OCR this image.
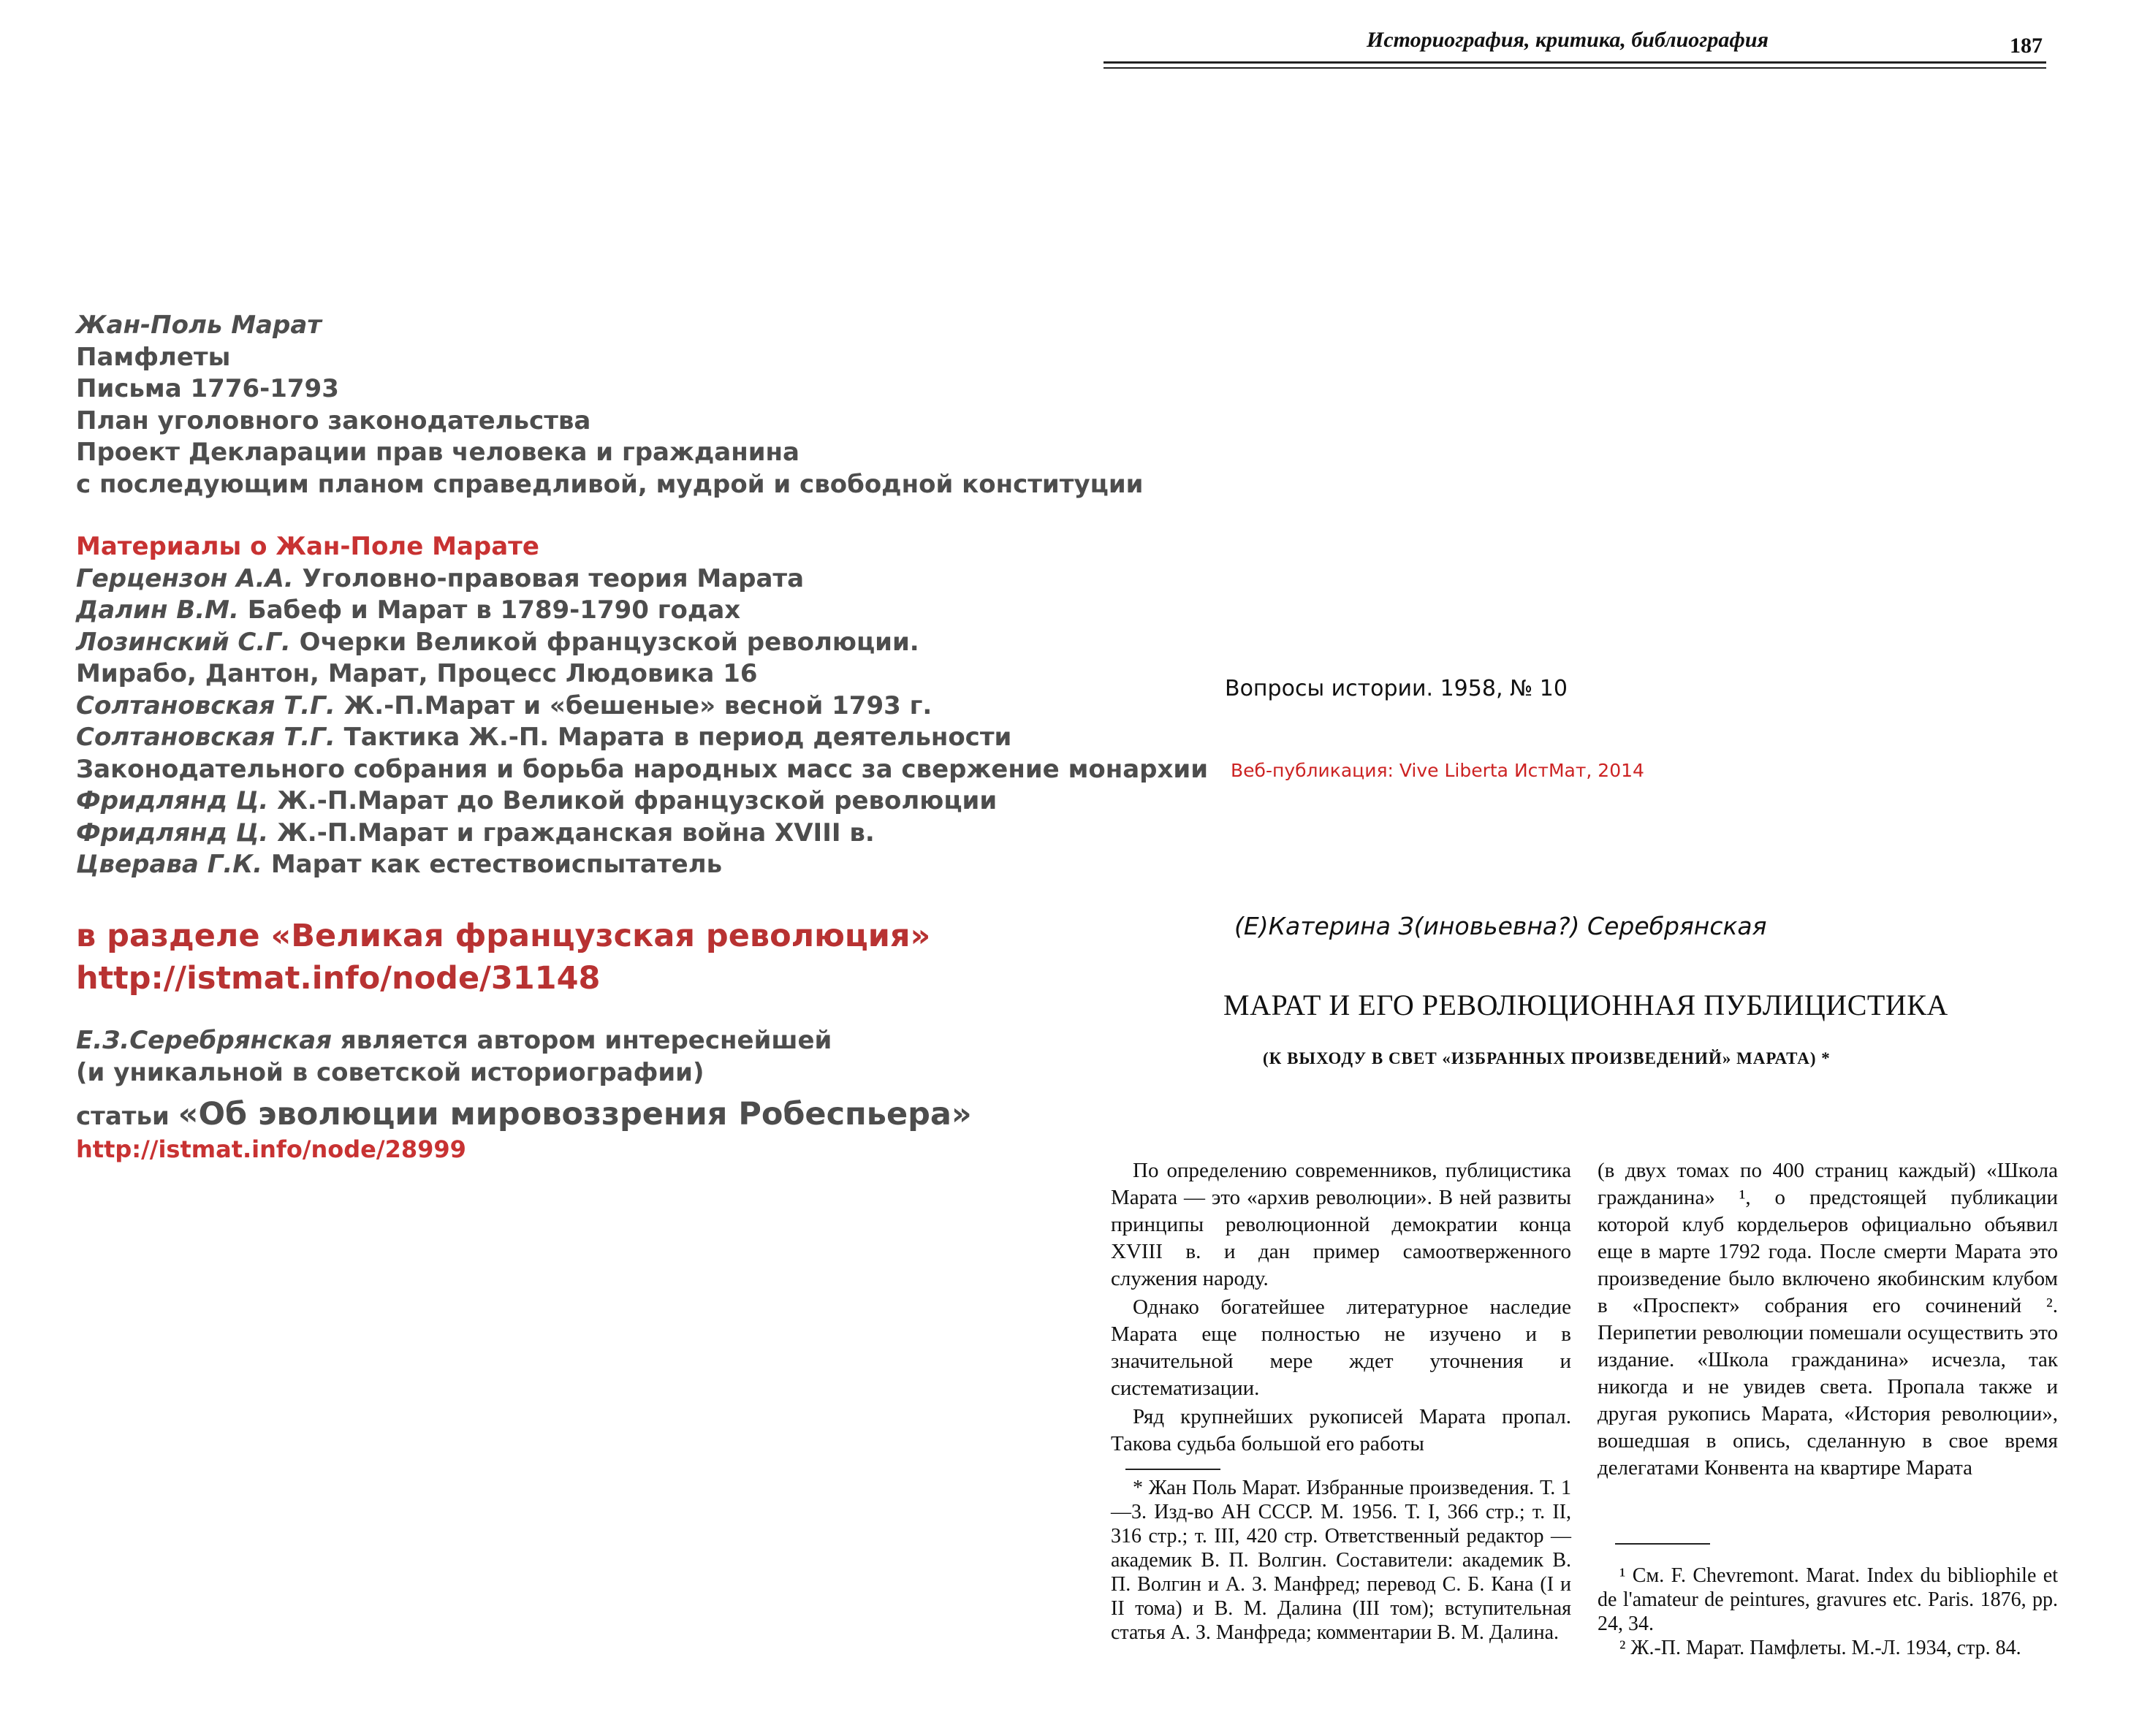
Жан-Поль Марат
Памфлеты
Письма 1776-1793
План уголовного законодательства
Проект Декларации прав человека и гражданина
с последующим планом справедливой, мудрой и свободной конституции
Материалы о Жан-Поле Марате
Герцензон А.А. Уголовно-правовая теория Марата
Далин В.М. Бабеф и Марат в 1789-1790 годах
Лозинский С.Г. Очерки Великой французской революции.
Мирабо, Дантон, Марат, Процесс Людовика 16
Солтановская Т.Г. Ж.-П.Марат и «бешеные» весной 1793 г.
Солтановская Т.Г. Тактика Ж.-П. Марата в период деятельности
Законодательного собрания и борьба народных масс за свержение монархии
Фридлянд Ц. Ж.-П.Марат до Великой французской революции
Фридлянд Ц. Ж.-П.Марат и гражданская война XVIII в.
Цверава Г.К. Марат как естествоиспытатель
в разделе «Великая французская революция»
http://istmat.info/node/31148
Е.З.Серебрянская является автором интереснейшей
(и уникальной в советской историографии)
статьи «Об эволюции мировоззрения Робеспьера»
http://istmat.info/node/28999
Историография, критика, библиография	187
Вопросы истории. 1958, № 10
Веб-публикация: Vive Liberta ИстМат, 2014
(Е)Катерина З(иновьевна?) Серебрянская
МАРАТ И ЕГО РЕВОЛЮЦИОННАЯ ПУБЛИЦИСТИКА
(К ВЫХОДУ В СВЕТ «ИЗБРАННЫХ ПРОИЗВЕДЕНИЙ» МАРАТА) *

По определению современников, публицистика Марата — это «архив революции». В ней развиты принципы революционной демократии конца XVIII в. и дан пример самоотверженного служения народу.

Однако богатейшее литературное наследие Марата еще полностью не изучено и в значительной мере ждет уточнения и систематизации.

Ряд крупнейших рукописей Марата пропал. Такова судьба большой его работы

(в двух томах по 400 страниц каждый) «Школа гражданина» ¹, о предстоящей публикации которой клуб кордельеров официально объявил еще в марте 1792 года. После смерти Марата это произведение было включено якобинским клубом в «Проспект» собрания его сочинений ². Перипетии революции помешали осуществить это издание. «Школа гражданина» исчезла, так никогда и не увидев света. Пропала также и другая рукопись Марата, «История революции», вошедшая в опись, сделанную в свое время делегатами Конвента на квартире Марата

* Жан Поль Марат. Избранные произведения. Т. 1—3. Изд-во АН СССР. М. 1956. Т. I, 366 стр.; т. II, 316 стр.; т. III, 420 стр. Ответственный редактор — академик В. П. Волгин. Составители: академик В. П. Волгин и А. З. Манфред; перевод С. Б. Кана (I и II тома) и В. М. Далина (III том); вступительная статья А. З. Манфреда; комментарии В. М. Далина.

¹ См. F. Chevremont. Marat. Index du bibliophile et de l'amateur de peintures, gravures etc. Paris. 1876, pp. 24, 34.

² Ж.-П. Марат. Памфлеты. М.-Л. 1934, стр. 84.
